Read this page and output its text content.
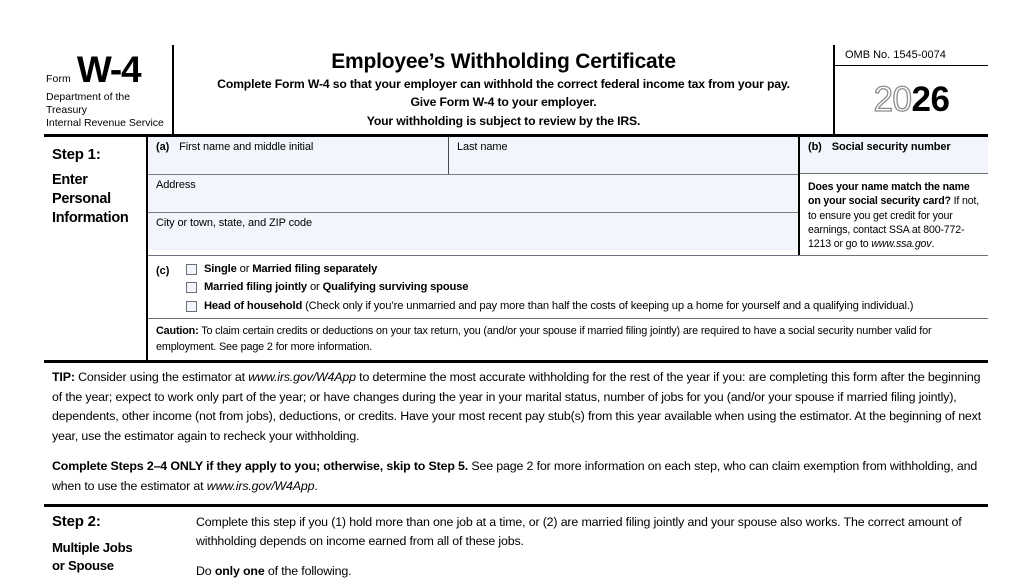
Form W-4
Department of the Treasury
Internal Revenue Service
Employee’s Withholding Certificate
Complete Form W-4 so that your employer can withhold the correct federal income tax from your pay.
Give Form W-4 to your employer.
Your withholding is subject to review by the IRS.
OMB No. 1545-0074
2026
Step 1:
Enter
Personal
Information
(a) First name and middle initial	Last name
Address
City or town, state, and ZIP code
(b) Social security number
Does your name match the name on your social security card? If not, to ensure you get credit for your earnings, contact SSA at 800-772-1213 or go to www.ssa.gov.
(c)	Single or Married filing separately
Married filing jointly or Qualifying surviving spouse
Head of household (Check only if you’re unmarried and pay more than half the costs of keeping up a home for yourself and a qualifying individual.)
Caution: To claim certain credits or deductions on your tax return, you (and/or your spouse if married filing jointly) are required to have a social security number valid for employment. See page 2 for more information.

TIP: Consider using the estimator at www.irs.gov/W4App to determine the most accurate withholding for the rest of the year if you: are completing this form after the beginning of the year; expect to work only part of the year; or have changes during the year in your marital status, number of jobs for you (and/or your spouse if married filing jointly), dependents, other income (not from jobs), deductions, or credits. Have your most recent pay stub(s) from this year available when using the estimator. At the beginning of next year, use the estimator again to recheck your withholding.

Complete Steps 2–4 ONLY if they apply to you; otherwise, skip to Step 5. See page 2 for more information on each step, who can claim exemption from withholding, and when to use the estimator at www.irs.gov/W4App.

Step 2:
Multiple Jobs
or Spouse

Complete this step if you (1) hold more than one job at a time, or (2) are married filing jointly and your spouse also works. The correct amount of withholding depends on income earned from all of these jobs.

Do only one of the following.
